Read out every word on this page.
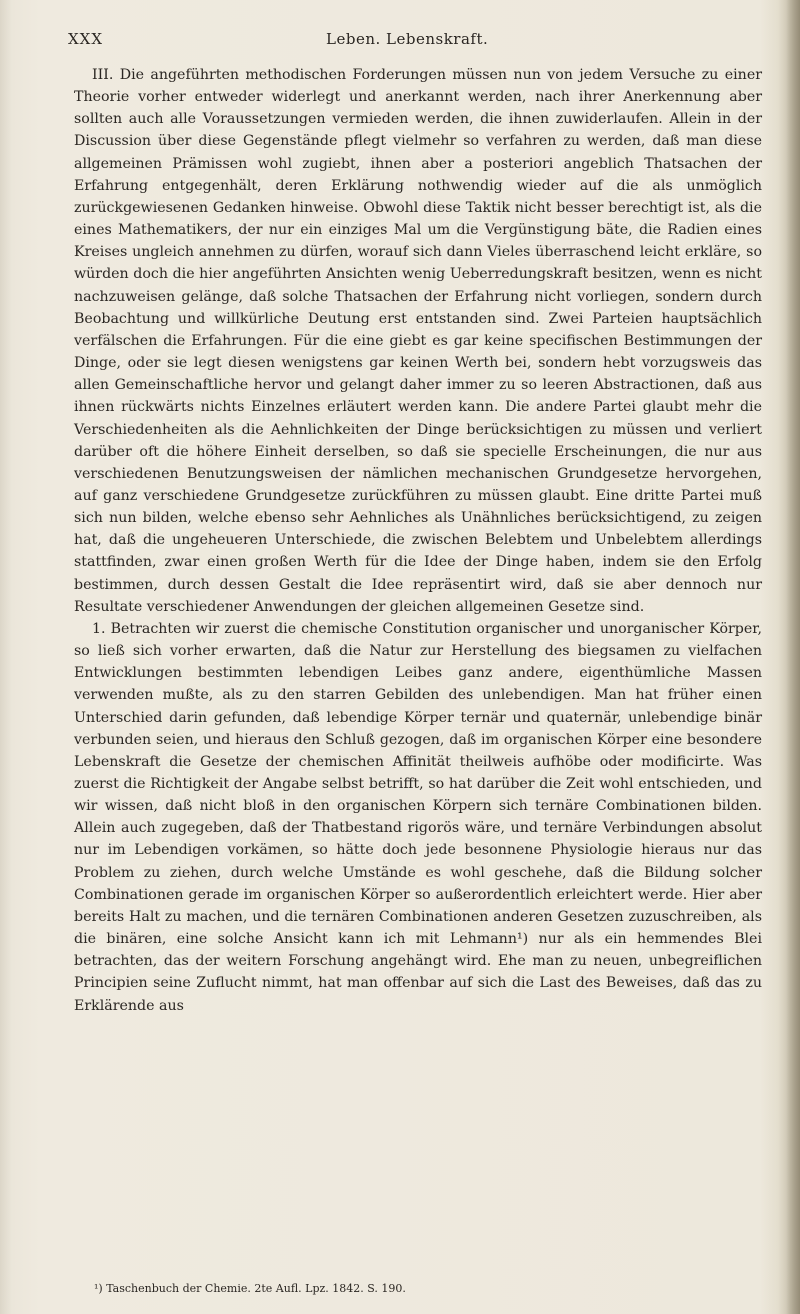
XXX	Leben. Lebenskraft.

III. Die angeführten methodischen Forderungen müssen nun von jedem Versuche zu einer Theorie vorher entweder widerlegt und anerkannt werden, nach ihrer Anerkennung aber sollten auch alle Voraussetzungen vermieden werden, die ihnen zuwiderlaufen. Allein in der Discussion über diese Gegenstände pflegt vielmehr so verfahren zu werden, daß man diese allgemeinen Prämissen wohl zugiebt, ihnen aber a posteriori angeblich Thatsachen der Erfahrung entgegenhält, deren Erklärung nothwendig wieder auf die als unmöglich zurückgewiesenen Gedanken hinweise. Obwohl diese Taktik nicht besser berechtigt ist, als die eines Mathematikers, der nur ein einziges Mal um die Vergünstigung bäte, die Radien eines Kreises ungleich annehmen zu dürfen, worauf sich dann Vieles überraschend leicht erkläre, so würden doch die hier angeführten Ansichten wenig Ueberredungskraft besitzen, wenn es nicht nachzuweisen gelänge, daß solche Thatsachen der Erfahrung nicht vorliegen, sondern durch Beobachtung und willkürliche Deutung erst entstanden sind. Zwei Parteien hauptsächlich verfälschen die Erfahrungen. Für die eine giebt es gar keine specifischen Bestimmungen der Dinge, oder sie legt diesen wenigstens gar keinen Werth bei, sondern hebt vorzugsweis das allen Gemeinschaftliche hervor und gelangt daher immer zu so leeren Abstractionen, daß aus ihnen rückwärts nichts Einzelnes erläutert werden kann. Die andere Partei glaubt mehr die Verschiedenheiten als die Aehnlichkeiten der Dinge berücksichtigen zu müssen und verliert darüber oft die höhere Einheit derselben, so daß sie specielle Erscheinungen, die nur aus verschiedenen Benutzungsweisen der nämlichen mechanischen Grundgesetze hervorgehen, auf ganz verschiedene Grundgesetze zurückführen zu müssen glaubt. Eine dritte Partei muß sich nun bilden, welche ebenso sehr Aehnliches als Unähnliches berücksichtigend, zu zeigen hat, daß die ungeheueren Unterschiede, die zwischen Belebtem und Unbelebtem allerdings stattfinden, zwar einen großen Werth für die Idee der Dinge haben, indem sie den Erfolg bestimmen, durch dessen Gestalt die Idee repräsentirt wird, daß sie aber dennoch nur Resultate verschiedener Anwendungen der gleichen allgemeinen Gesetze sind.

1. Betrachten wir zuerst die chemische Constitution organischer und unorganischer Körper, so ließ sich vorher erwarten, daß die Natur zur Herstellung des biegsamen zu vielfachen Entwicklungen bestimmten lebendigen Leibes ganz andere, eigenthümliche Massen verwenden mußte, als zu den starren Gebilden des unlebendigen. Man hat früher einen Unterschied darin gefunden, daß lebendige Körper ternär und quaternär, unlebendige binär verbunden seien, und hieraus den Schluß gezogen, daß im organischen Körper eine besondere Lebenskraft die Gesetze der chemischen Affinität theilweis aufhöbe oder modificirte. Was zuerst die Richtigkeit der Angabe selbst betrifft, so hat darüber die Zeit wohl entschieden, und wir wissen, daß nicht bloß in den organischen Körpern sich ternäre Combinationen bilden. Allein auch zugegeben, daß der Thatbestand rigorös wäre, und ternäre Verbindungen absolut nur im Lebendigen vorkämen, so hätte doch jede besonnene Physiologie hieraus nur das Problem zu ziehen, durch welche Umstände es wohl geschehe, daß die Bildung solcher Combinationen gerade im organischen Körper so außerordentlich erleichtert werde. Hier aber bereits Halt zu machen, und die ternären Combinationen anderen Gesetzen zuzuschreiben, als die binären, eine solche Ansicht kann ich mit Lehmann¹) nur als ein hemmendes Blei betrachten, das der weitern Forschung angehängt wird. Ehe man zu neuen, unbegreiflichen Principien seine Zuflucht nimmt, hat man offenbar auf sich die Last des Beweises, daß das zu Erklärende aus

¹) Taschenbuch der Chemie. 2te Aufl. Lpz. 1842. S. 190.
